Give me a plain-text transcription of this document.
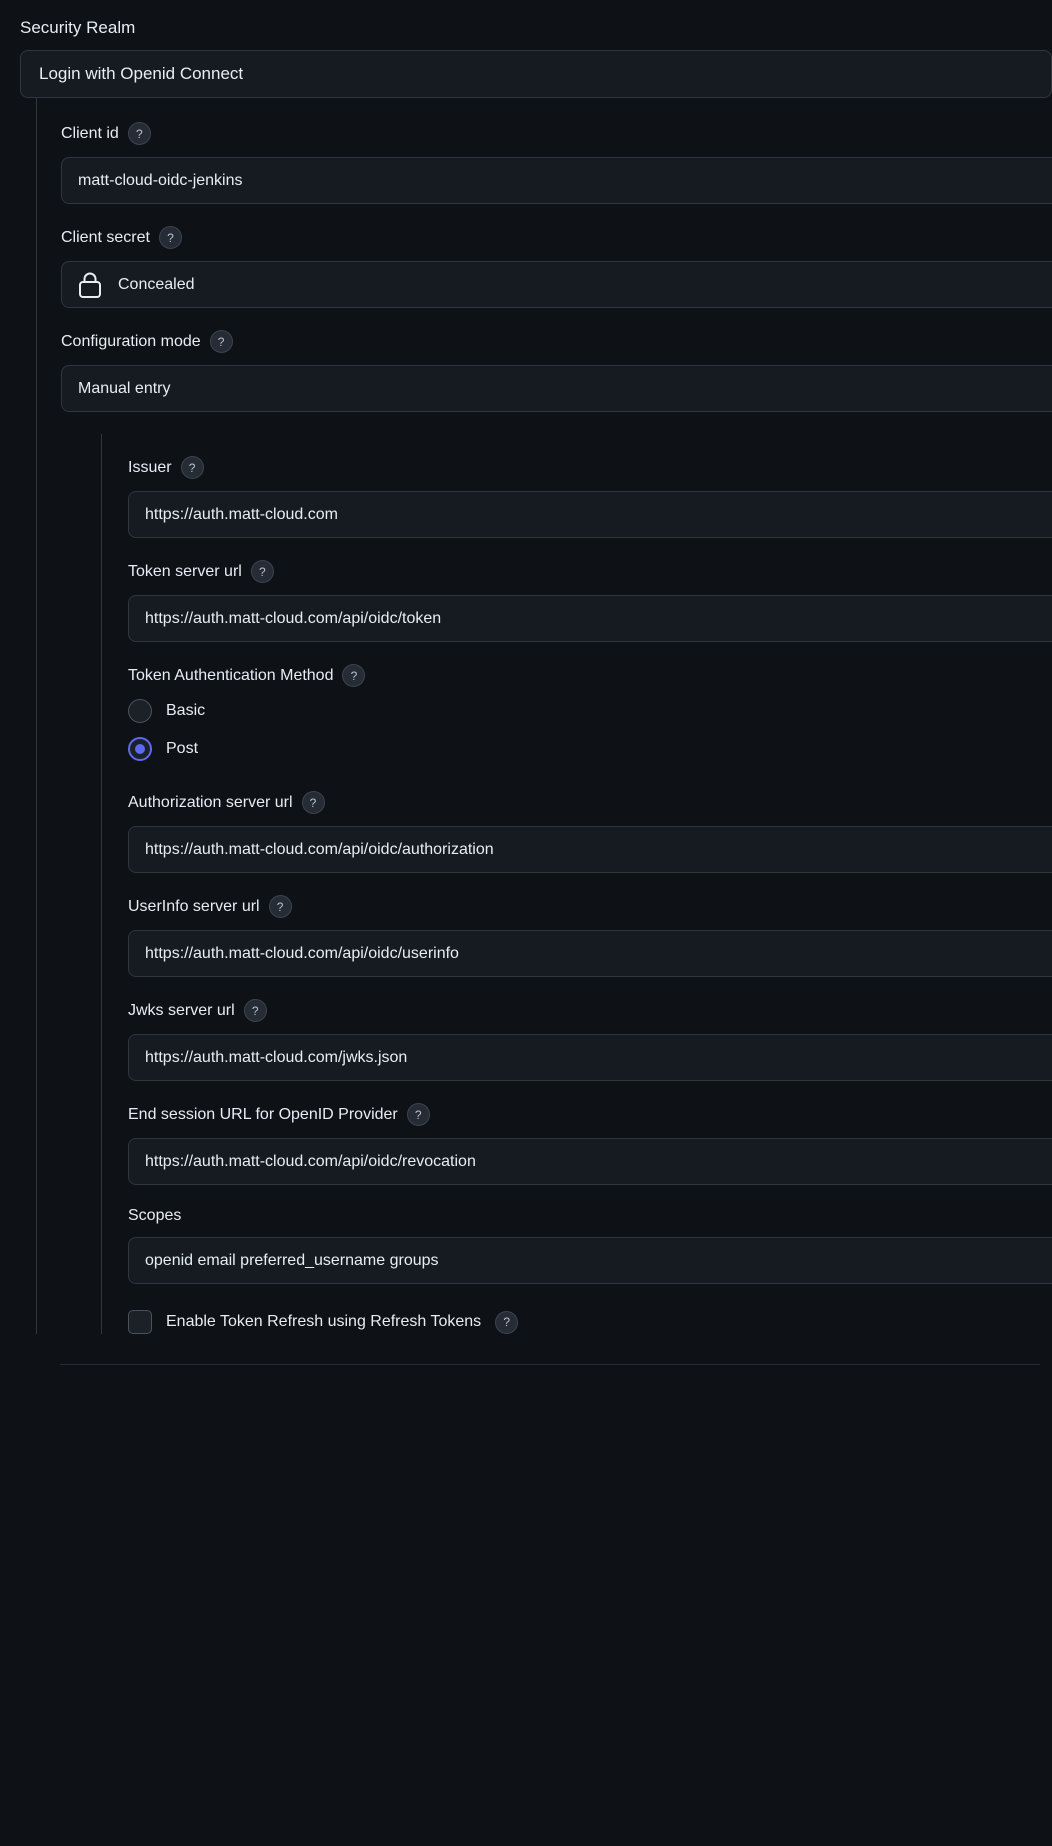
Security Realm
Login with Openid Connect
Client id	?
matt-cloud-oidc-jenkins
Client secret	?
Concealed
Configuration mode	?
Manual entry
Issuer	?
https://auth.matt-cloud.com
Token server url	?
https://auth.matt-cloud.com/api/oidc/token
Token Authentication Method	?
Basic
Post
Authorization server url	?
https://auth.matt-cloud.com/api/oidc/authorization
UserInfo server url	?
https://auth.matt-cloud.com/api/oidc/userinfo
Jwks server url	?
https://auth.matt-cloud.com/jwks.json
End session URL for OpenID Provider	?
https://auth.matt-cloud.com/api/oidc/revocation
Scopes
openid email preferred_username groups
Enable Token Refresh using Refresh Tokens	?
